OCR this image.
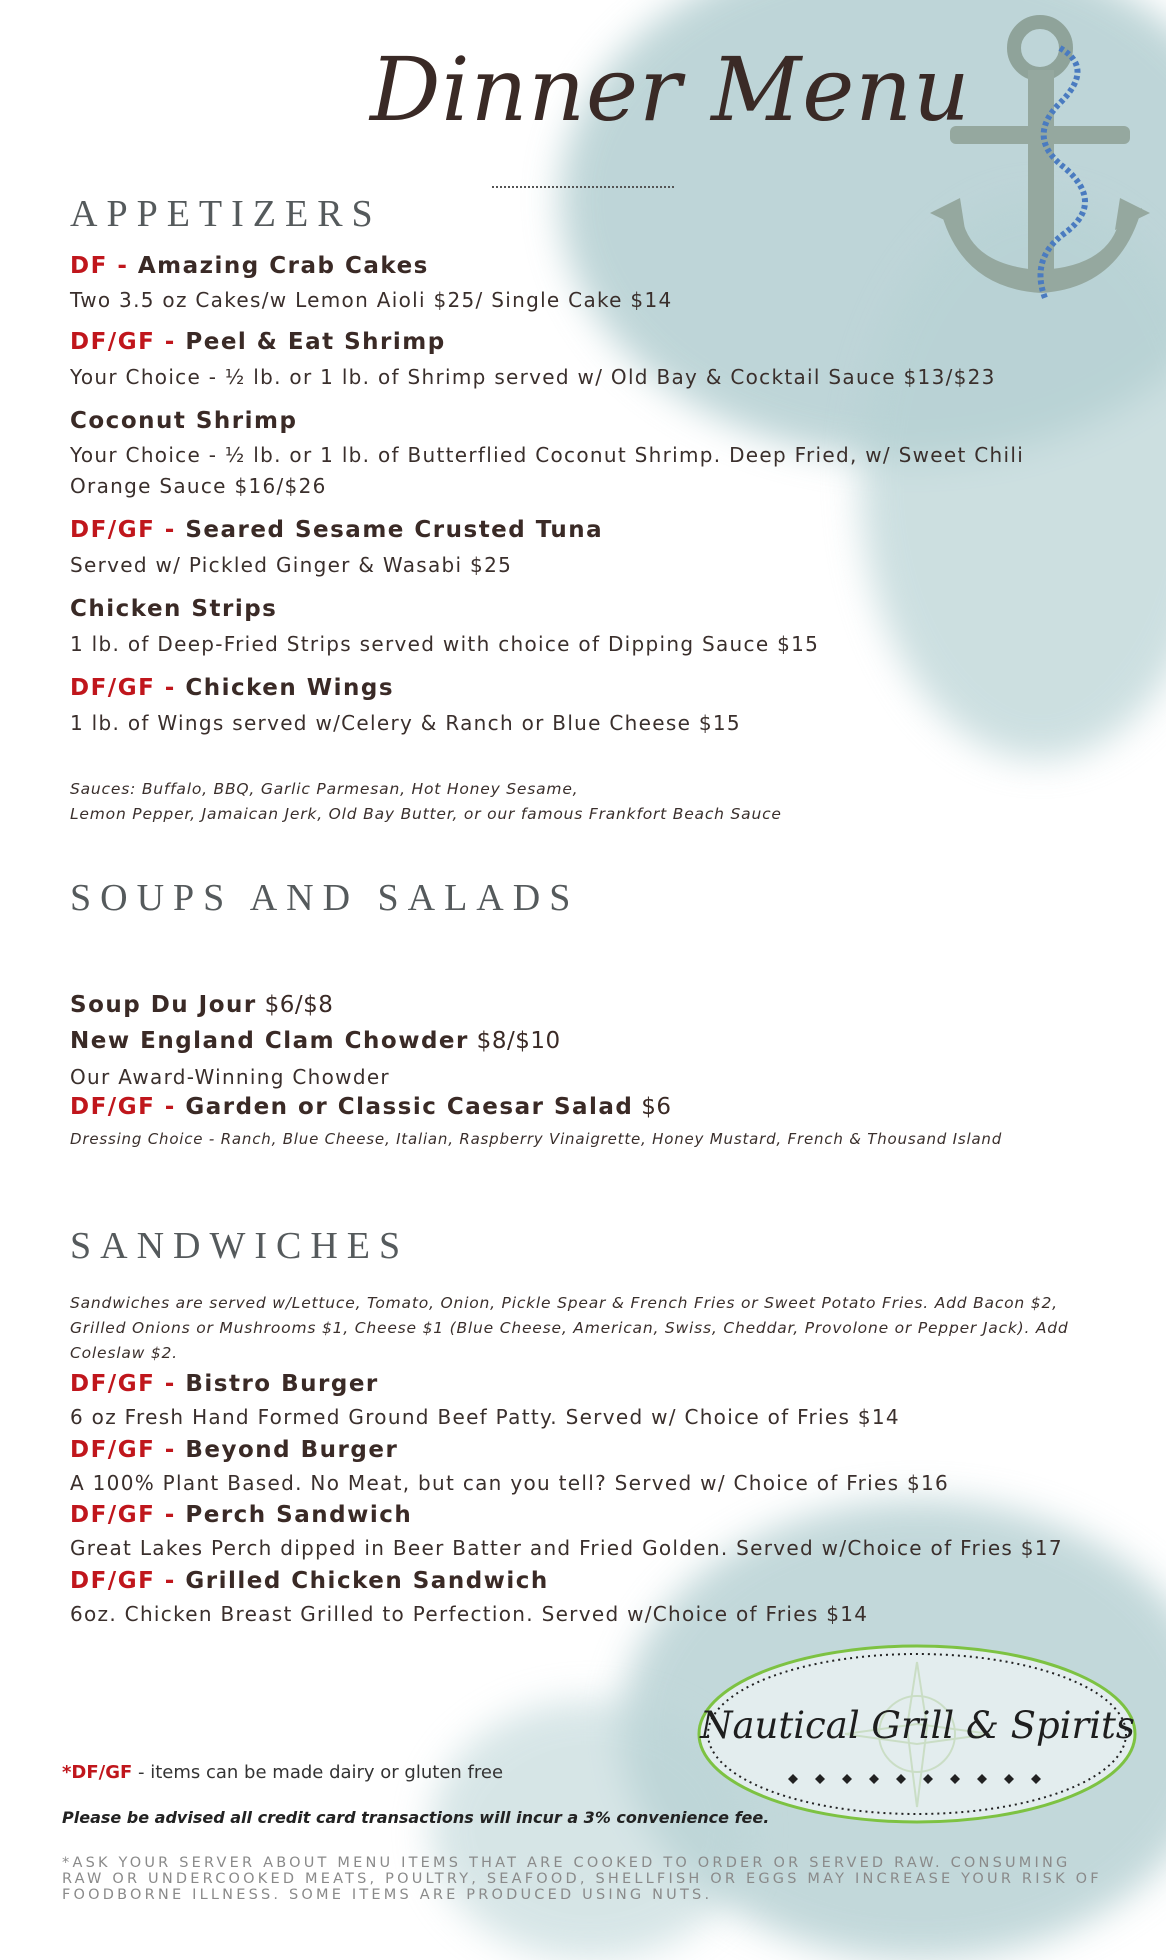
Dinner Menu
APPETIZERS
DF - Amazing Crab Cakes
Two 3.5 oz Cakes/w Lemon Aioli $25/ Single Cake $14
DF/GF - Peel & Eat Shrimp
Your Choice - ½ lb. or 1 lb. of Shrimp served w/ Old Bay & Cocktail Sauce $13/$23
Coconut Shrimp
Your Choice - ½ lb. or 1 lb. of Butterflied Coconut Shrimp. Deep Fried, w/ Sweet Chili Orange Sauce $16/$26
DF/GF - Seared Sesame Crusted Tuna
Served w/ Pickled Ginger & Wasabi $25
Chicken Strips
1 lb. of Deep-Fried Strips served with choice of Dipping Sauce $15
DF/GF - Chicken Wings
1 lb. of Wings served w/Celery & Ranch or Blue Cheese $15
Sauces: Buffalo, BBQ, Garlic Parmesan, Hot Honey Sesame,
Lemon Pepper, Jamaican Jerk, Old Bay Butter, or our famous Frankfort Beach Sauce
SOUPS AND SALADS
Soup Du Jour $6/$8
New England Clam Chowder $8/$10
Our Award-Winning Chowder
DF/GF - Garden or Classic Caesar Salad $6
Dressing Choice - Ranch, Blue Cheese, Italian, Raspberry Vinaigrette, Honey Mustard, French & Thousand Island
SANDWICHES
Sandwiches are served w/Lettuce, Tomato, Onion, Pickle Spear & French Fries or Sweet Potato Fries. Add Bacon $2, Grilled Onions or Mushrooms $1, Cheese $1 (Blue Cheese, American, Swiss, Cheddar, Provolone or Pepper Jack). Add Coleslaw $2.
DF/GF - Bistro Burger
6 oz Fresh Hand Formed Ground Beef Patty. Served w/ Choice of Fries $14
DF/GF - Beyond Burger
A 100% Plant Based. No Meat, but can you tell? Served w/ Choice of Fries $16
DF/GF - Perch Sandwich
Great Lakes Perch dipped in Beer Batter and Fried Golden. Served w/Choice of Fries $17
DF/GF - Grilled Chicken Sandwich
6oz. Chicken Breast Grilled to Perfection. Served w/Choice of Fries $14
Nautical Grill & Spirits
*DF/GF - items can be made dairy or gluten free
Please be advised all credit card transactions will incur a 3% convenience fee.
*ASK YOUR SERVER ABOUT MENU ITEMS THAT ARE COOKED TO ORDER OR SERVED RAW. CONSUMING RAW OR UNDERCOOKED MEATS, POULTRY, SEAFOOD, SHELLFISH OR EGGS MAY INCREASE YOUR RISK OF FOODBORNE ILLNESS. SOME ITEMS ARE PRODUCED USING NUTS.
